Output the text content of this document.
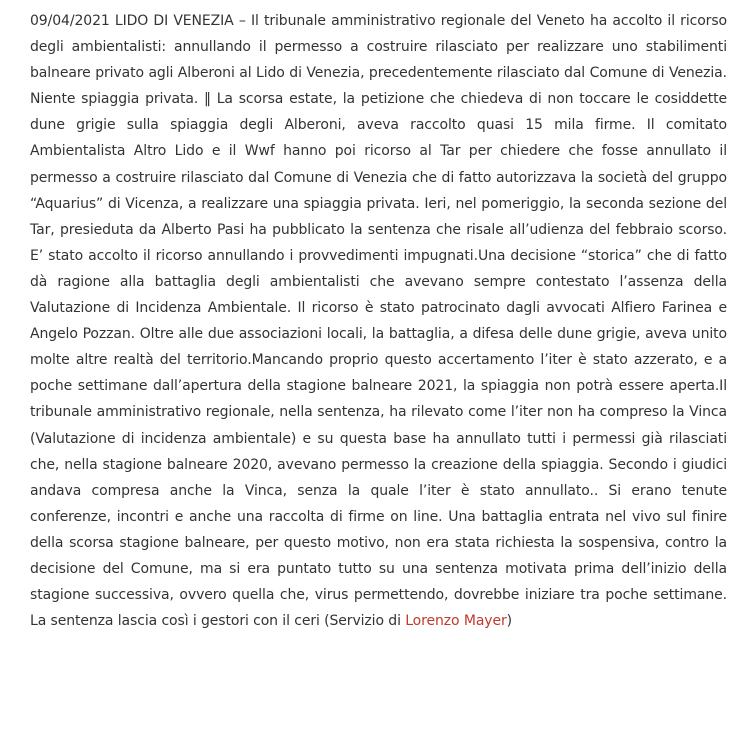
09/04/2021 LIDO DI VENEZIA – Il tribunale amministrativo regionale del Veneto ha accolto il ricorso degli ambientalisti: annullando il permesso a costruire rilasciato per realizzare uno stabilimenti balneare privato agli Alberoni al Lido di Venezia, precedentemente rilasciato dal Comune di Venezia. Niente spiaggia privata. ‖ La scorsa estate, la petizione che chiedeva di non toccare le cosiddette dune grigie sulla spiaggia degli Alberoni, aveva raccolto quasi 15 mila firme. Il comitato Ambientalista Altro Lido e il Wwf hanno poi ricorso al Tar per chiedere che fosse annullato il permesso a costruire rilasciato dal Comune di Venezia che di fatto autorizzava la società del gruppo “Aquarius” di Vicenza, a realizzare una spiaggia privata. Ieri, nel pomeriggio, la seconda sezione del Tar, presieduta da Alberto Pasi ha pubblicato la sentenza che risale all’udienza del febbraio scorso. E’ stato accolto il ricorso annullando i provvedimenti impugnati.Una decisione “storica” che di fatto dà ragione alla battaglia degli ambientalisti che avevano sempre contestato l’assenza della Valutazione di Incidenza Ambientale. Il ricorso è stato patrocinato dagli avvocati Alfiero Farinea e Angelo Pozzan. Oltre alle due associazioni locali, la battaglia, a difesa delle dune grigie, aveva unito molte altre realtà del territorio.Mancando proprio questo accertamento l’iter è stato azzerato, e a poche settimane dall’apertura della stagione balneare 2021, la spiaggia non potrà essere aperta.Il tribunale amministrativo regionale, nella sentenza, ha rilevato come l’iter non ha compreso la Vinca (Valutazione di incidenza ambientale) e su questa base ha annullato tutti i permessi già rilasciati che, nella stagione balneare 2020, avevano permesso la creazione della spiaggia. Secondo i giudici andava compresa anche la Vinca, senza la quale l’iter è stato annullato.. Si erano tenute conferenze, incontri e anche una raccolta di firme on line. Una battaglia entrata nel vivo sul finire della scorsa stagione balneare, per questo motivo, non era stata richiesta la sospensiva, contro la decisione del Comune, ma si era puntato tutto su una sentenza motivata prima dell’inizio della stagione successiva, ovvero quella che, virus permettendo, dovrebbe iniziare tra poche settimane. La sentenza lascia così i gestori con il ceri (Servizio di Lorenzo Mayer)
